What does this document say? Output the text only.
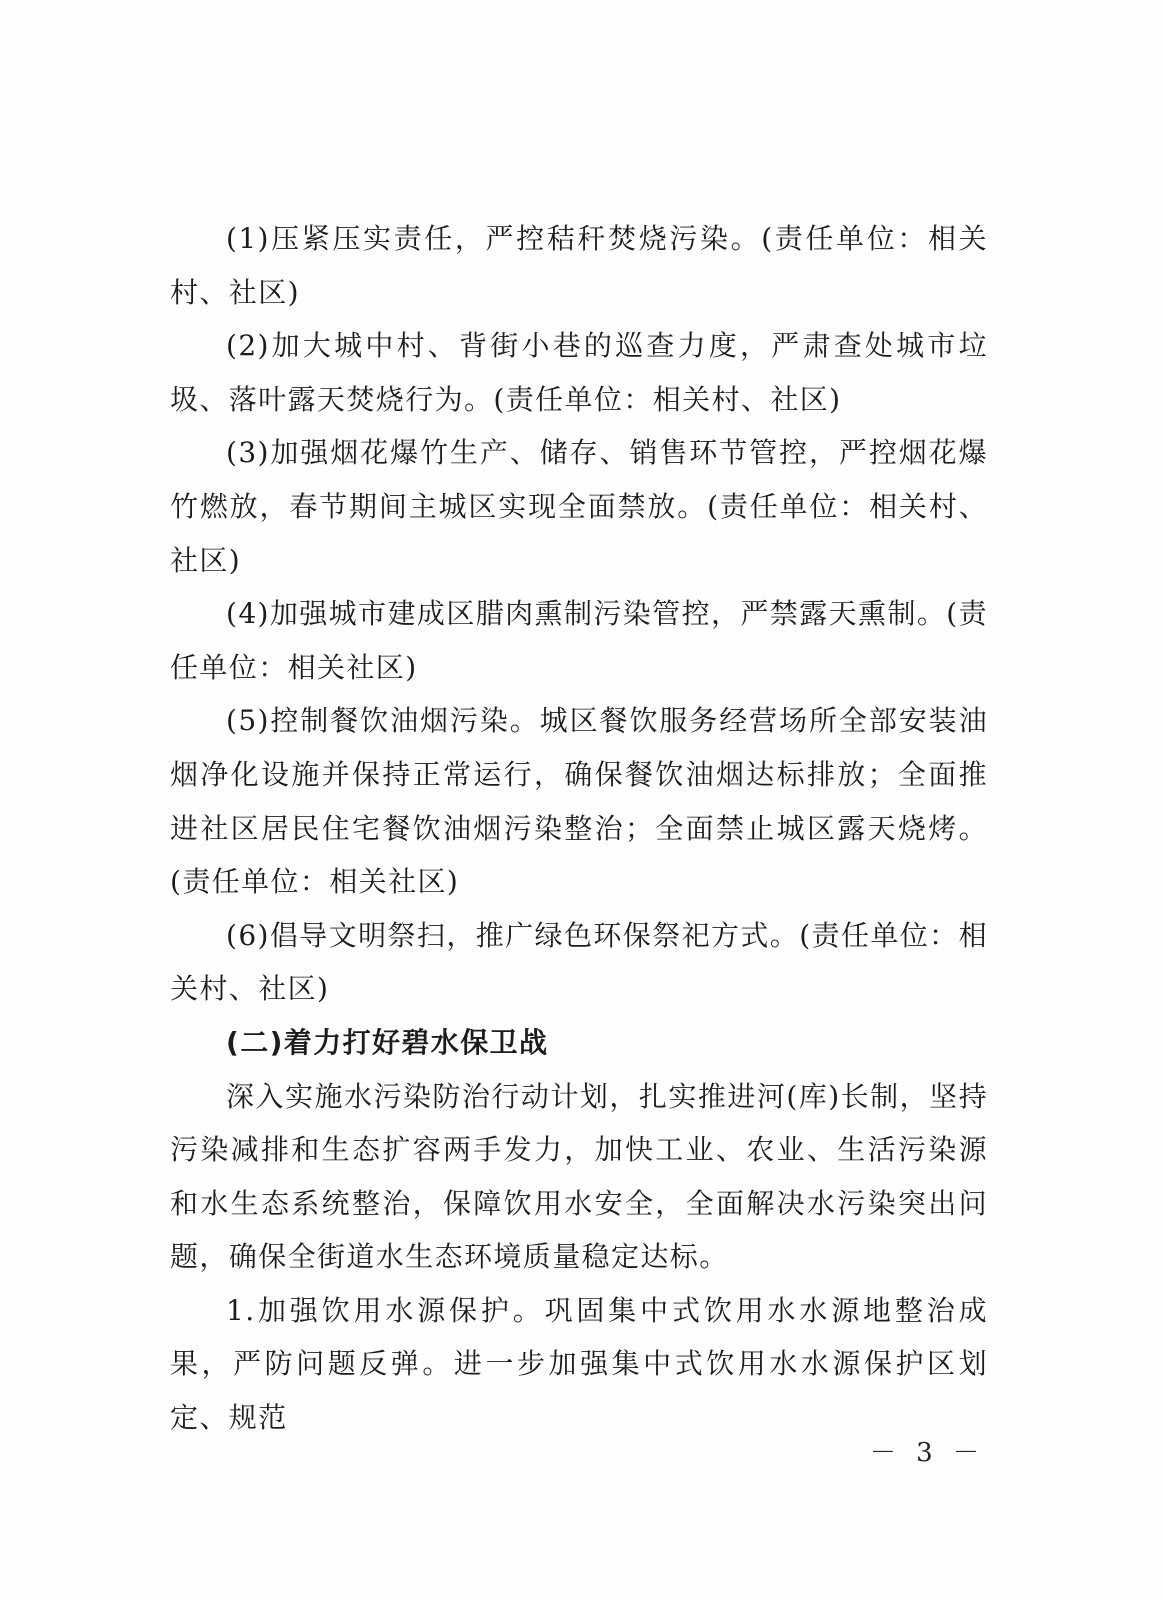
(1)压紧压实责任，严控秸秆焚烧污染。(责任单位：相关村、社区)

(2)加大城中村、背街小巷的巡查力度，严肃查处城市垃圾、落叶露天焚烧行为。(责任单位：相关村、社区)

(3)加强烟花爆竹生产、储存、销售环节管控，严控烟花爆竹燃放，春节期间主城区实现全面禁放。(责任单位：相关村、社区)

(4)加强城市建成区腊肉熏制污染管控，严禁露天熏制。(责任单位：相关社区)

(5)控制餐饮油烟污染。城区餐饮服务经营场所全部安装油烟净化设施并保持正常运行，确保餐饮油烟达标排放；全面推进社区居民住宅餐饮油烟污染整治；全面禁止城区露天烧烤。(责任单位：相关社区)

(6)倡导文明祭扫，推广绿色环保祭祀方式。(责任单位：相关村、社区)

(二)着力打好碧水保卫战

深入实施水污染防治行动计划，扎实推进河(库)长制，坚持污染减排和生态扩容两手发力，加快工业、农业、生活污染源和水生态系统整治，保障饮用水安全，全面解决水污染突出问题，确保全街道水生态环境质量稳定达标。

1.加强饮用水源保护。巩固集中式饮用水水源地整治成果，严防问题反弹。进一步加强集中式饮用水水源保护区划定、规范

－ 3 －
